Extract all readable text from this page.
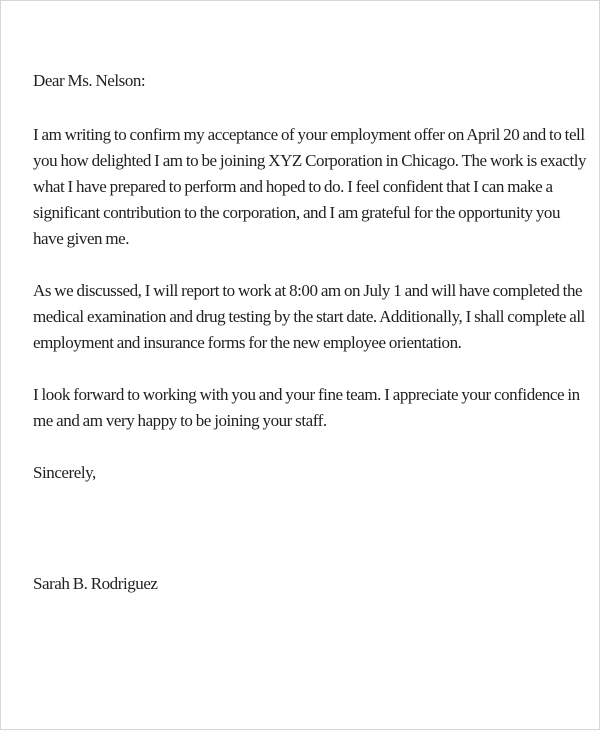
Dear Ms. Nelson:

I am writing to confirm my acceptance of your employment offer on April 20 and to tell you how delighted I am to be joining XYZ Corporation in Chicago. The work is exactly what I have prepared to perform and hoped to do. I feel confident that I can make a significant contribution to the corporation, and I am grateful for the opportunity you have given me.

As we discussed, I will report to work at 8:00 am on July 1 and will have completed the medical examination and drug testing by the start date. Additionally, I shall complete all employment and insurance forms for the new employee orientation.

I look forward to working with you and your fine team. I appreciate your confidence in me and am very happy to be joining your staff.

Sincerely,

Sarah B. Rodriguez
